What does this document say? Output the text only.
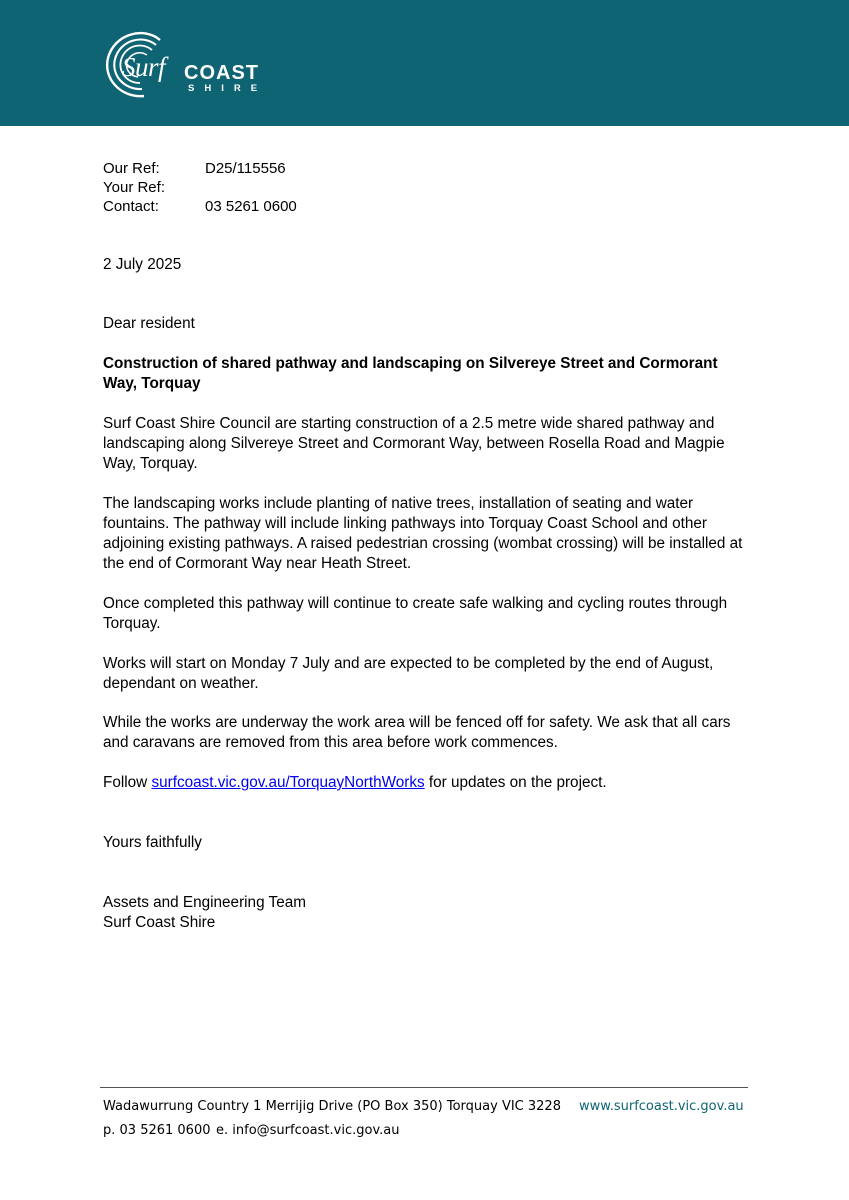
Surf COAST
SHIRE
Our Ref:	D25/115556
Your Ref:
Contact:	03 5261 0600
2 July 2025
Dear resident
Construction of shared pathway and landscaping on Silvereye Street and Cormorant Way, Torquay
Surf Coast Shire Council are starting construction of a 2.5 metre wide shared pathway and landscaping along Silvereye Street and Cormorant Way, between Rosella Road and Magpie Way, Torquay.
The landscaping works include planting of native trees, installation of seating and water fountains. The pathway will include linking pathways into Torquay Coast School and other adjoining existing pathways. A raised pedestrian crossing (wombat crossing) will be installed at the end of Cormorant Way near Heath Street.
Once completed this pathway will continue to create safe walking and cycling routes through Torquay.
Works will start on Monday 7 July and are expected to be completed by the end of August, dependant on weather.
While the works are underway the work area will be fenced off for safety. We ask that all cars and caravans are removed from this area before work commences.
Follow surfcoast.vic.gov.au/TorquayNorthWorks for updates on the project.
Yours faithfully
Assets and Engineering Team
Surf Coast Shire
Wadawurrung Country 1 Merrijig Drive (PO Box 350) Torquay VIC 3228 www.surfcoast.vic.gov.au
p. 03 5261 0600 e. info@surfcoast.vic.gov.au
